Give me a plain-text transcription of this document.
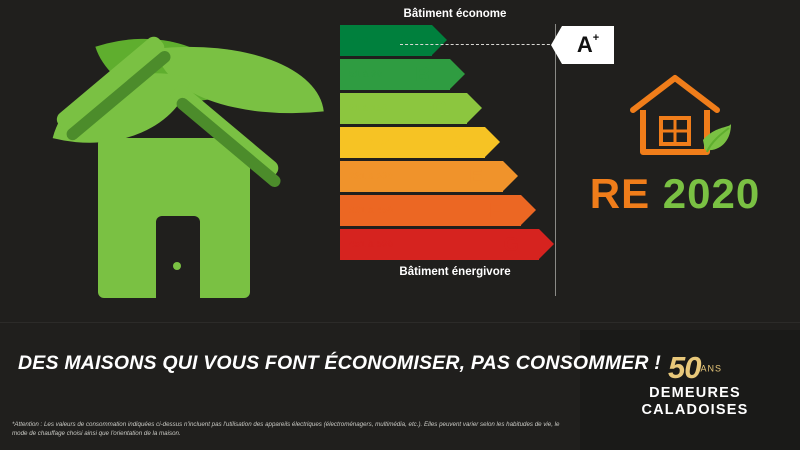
Bâtiment économe
≤ 50 A
51 à 90 B
91 à 150 C
151 à 230	D
231 à 330	E
331 à 450	F
451 à 590	G
Bâtiment énergivore
A +
RE 2020
DES MAISONS QUI VOUS FONT ÉCONOMISER, PAS CONSOMMER !
*Attention : Les valeurs de consommation indiquées ci-dessus n'incluent pas l'utilisation des appareils électriques (électroménagers, multimédia, etc.). Elles peuvent varier selon les habitudes de vie, le mode de chauffage choisi ainsi que l'orientation de la maison.
$50^{ANS}$
DEMEURES
CALADOISES
